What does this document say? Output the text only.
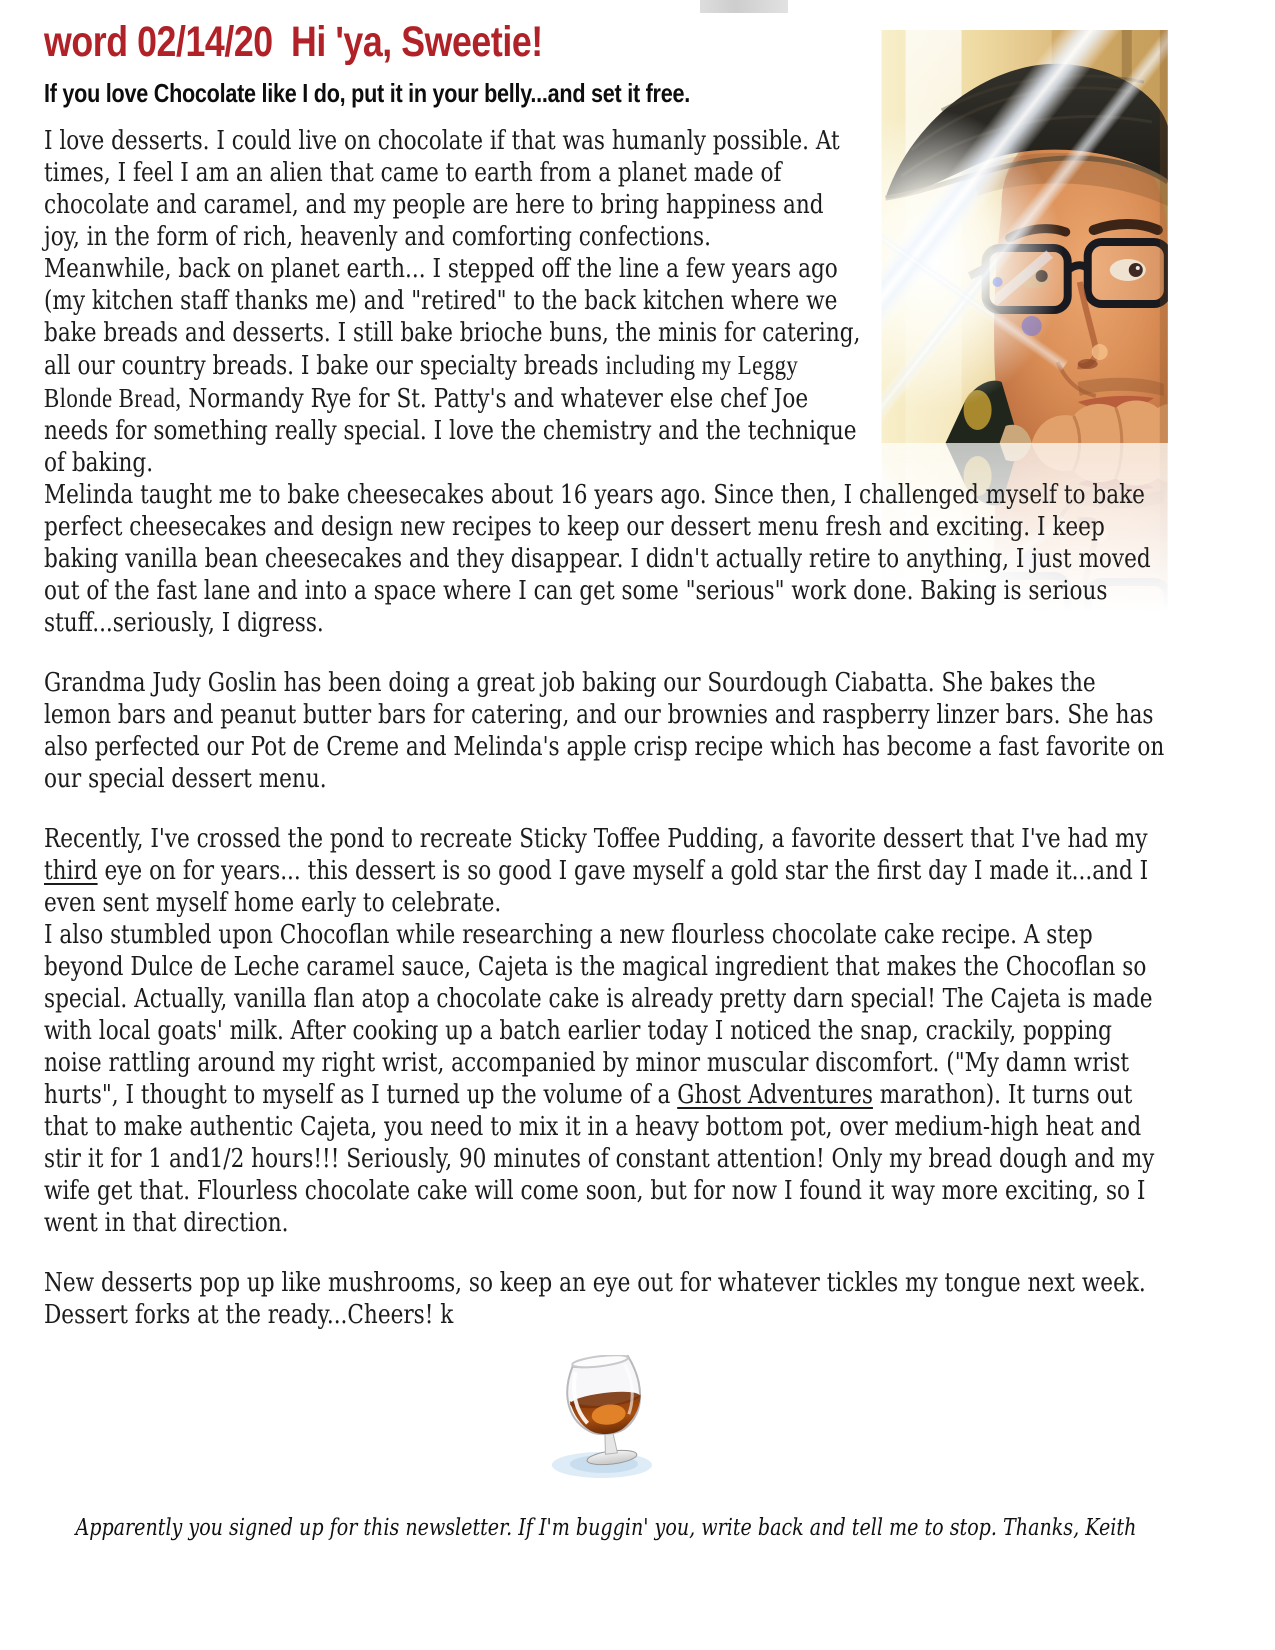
word 02/14/20 Hi 'ya, Sweetie!

If you love Chocolate like I do, put it in your belly...and set it free.

I love desserts. I could live on chocolate if that was humanly possible. At times, I feel I am an alien that came to earth from a planet made of chocolate and caramel, and my people are here to bring happiness and joy, in the form of rich, heavenly and comforting confections.

Meanwhile, back on planet earth... I stepped off the line a few years ago (my kitchen staff thanks me) and "retired" to the back kitchen where we bake breads and desserts. I still bake brioche buns, the minis for catering, all our country breads. I bake our specialty breads including my Leggy Blonde Bread, Normandy Rye for St. Patty's and whatever else chef Joe needs for something really special. I love the chemistry and the technique of baking.

Melinda taught me to bake cheesecakes about 16 years ago. Since then, I challenged myself to bake perfect cheesecakes and design new recipes to keep our dessert menu fresh and exciting. I keep baking vanilla bean cheesecakes and they disappear. I didn't actually retire to anything, I just moved out of the fast lane and into a space where I can get some "serious" work done. Baking is serious stuff...seriously, I digress.

Grandma Judy Goslin has been doing a great job baking our Sourdough Ciabatta. She bakes the lemon bars and peanut butter bars for catering, and our brownies and raspberry linzer bars. She has also perfected our Pot de Creme and Melinda's apple crisp recipe which has become a fast favorite on our special dessert menu.

Recently, I've crossed the pond to recreate Sticky Toffee Pudding, a favorite dessert that I've had my third eye on for years... this dessert is so good I gave myself a gold star the first day I made it...and I even sent myself home early to celebrate.

I also stumbled upon Chocoflan while researching a new flourless chocolate cake recipe. A step beyond Dulce de Leche caramel sauce, Cajeta is the magical ingredient that makes the Chocoflan so special. Actually, vanilla flan atop a chocolate cake is already pretty darn special! The Cajeta is made with local goats' milk. After cooking up a batch earlier today I noticed the snap, crackily, popping noise rattling around my right wrist, accompanied by minor muscular discomfort. ("My damn wrist hurts", I thought to myself as I turned up the volume of a Ghost Adventures marathon). It turns out that to make authentic Cajeta, you need to mix it in a heavy bottom pot, over medium-high heat and stir it for 1 and1/2 hours!!! Seriously, 90 minutes of constant attention! Only my bread dough and my wife get that. Flourless chocolate cake will come soon, but for now I found it way more exciting, so I went in that direction.

New desserts pop up like mushrooms, so keep an eye out for whatever tickles my tongue next week. Dessert forks at the ready...Cheers! k

Apparently you signed up for this newsletter. If I'm buggin' you, write back and tell me to stop. Thanks, Keith
